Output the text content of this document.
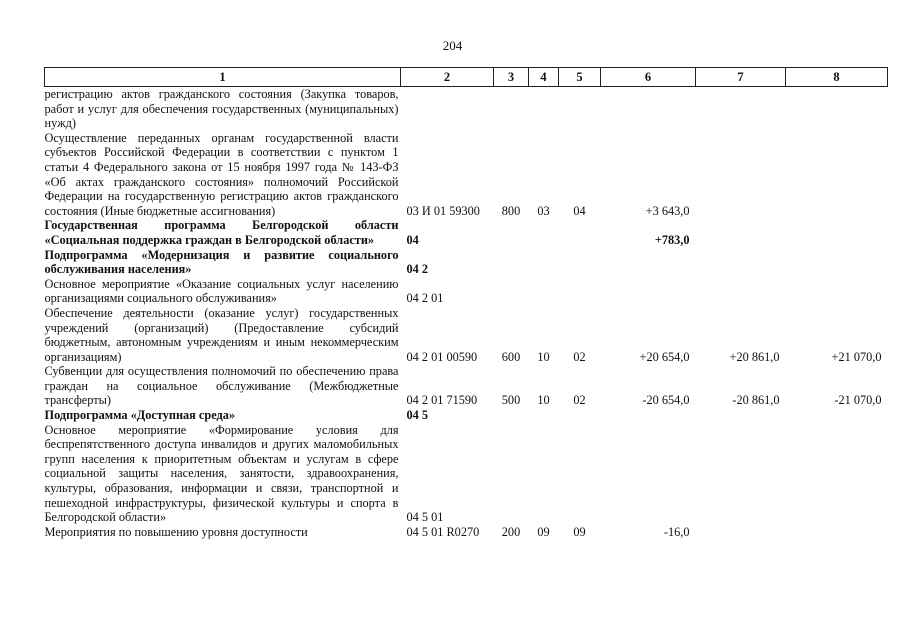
204
1	2	3	4	5	6	7	8
регистрацию актов гражданского состояния (Закупка товаров, работ и услуг для обеспечения государственных (муниципальных) нужд)							
Осуществление переданных органам государственной власти субъектов Российской Федерации в соответствии с пунктом 1 статьи 4 Федерального закона от 15 ноября 1997 года № 143-ФЗ «Об актах гражданского состояния» полномочий Российской Федерации на государственную регистрацию актов гражданского состояния (Иные бюджетные ассигнования)	03 И 01 59300	800	03	04	+3 643,0		
Государственная программа Белгородской области «Социальная поддержка граждан в Белгородской области»	04				+783,0		
Подпрограмма «Модернизация и развитие социального обслуживания населения»	04 2						
Основное мероприятие «Оказание социальных услуг населению организациями социального обслуживания»	04 2 01						
Обеспечение деятельности (оказание услуг) государственных учреждений (организаций) (Предоставление субсидий бюджетным, автономным учреждениям и иным некоммерческим организациям)	04 2 01 00590	600	10	02	+20 654,0	+20 861,0	+21 070,0
Субвенции для осуществления полномочий по обеспечению права граждан на социальное обслуживание (Межбюджетные трансферты)	04 2 01 71590	500	10	02	-20 654,0	-20 861,0	-21 070,0
Подпрограмма «Доступная среда»	04 5						
Основное мероприятие «Формирование условия для беспрепятственного доступа инвалидов и других маломобильных групп населения к приоритетным объектам и услугам в сфере социальной защиты населения, занятости, здравоохранения, культуры, образования, информации и связи, транспортной и пешеходной инфраструктуры, физической культуры и спорта в Белгородской области»	04 5 01						
Мероприятия по повышению уровня доступности	04 5 01 R0270	200	09	09	-16,0		
